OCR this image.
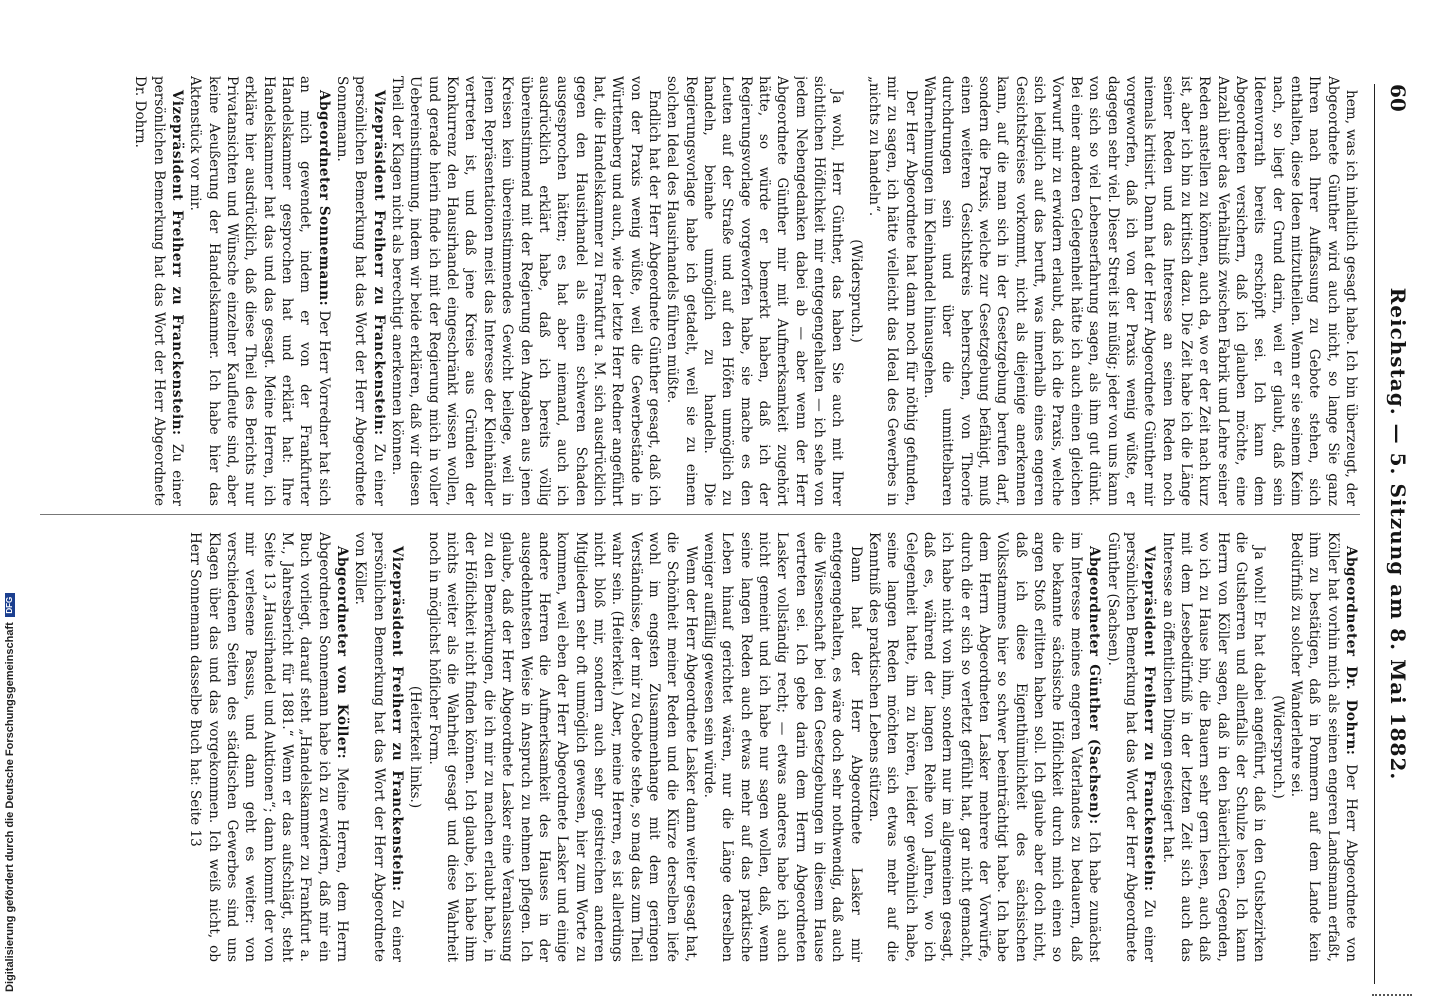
Digitalisierung gefördert durch die Deutsche ForschungsgemeinschaftDFG
60
Reichstag. — 5. Sitzung am 8. Mai 1882.

hem, was ich inhaltlich gesagt habe. Ich bin überzeugt, der Abgeordnete Günther wird auch nicht, so lange Sie ganz Ihren nach Ihrer Auffassung zu Gebote stehen, sich enthalten, diese Ideen mitzutheilen. Wenn er sie seinem Keim nach, so liegt der Grund darin, weil er glaubt, daß sein Ideenvorrath bereits erschöpft sei. Ich kann dem Abgeordneten versichern, daß ich glauben möchte, eine Anzahl über das Verhältniß zwischen Fabrik und Lehre seiner Reden anstellen zu können, auch da, wo er der Zeit nach kurz ist, aber ich bin zu kritisch dazu. Die Zeit habe ich die Länge seiner Reden und das Interesse an seinen Reden noch niemals kritisirt. Dann hat der Herr Abgeordnete Günther mir vorgeworfen, daß ich von der Praxis wenig wüßte, er dagegen sehr viel. Dieser Streit ist müßig; jeder von uns kann von sich so viel Lebenserfahrung sagen, als ihm gut dünkt. Bei einer anderen Gelegenheit hätte ich auch einen gleichen Vorwurf mir zu erwidern erlaubt, daß ich die Praxis, welche sich lediglich auf das beruft, was innerhalb eines engeren Gesichtskreises vorkommt, nicht als diejenige anerkennen kann, auf die man sich in der Gesetzgebung berufen darf, sondern die Praxis, welche zur Gesetzgebung befähigt, muß einen weiteren Gesichtskreis beherrschen, von Theorie durchdrungen sein und über die unmittelbaren Wahrnehmungen im Kleinhandel hinausgehen.

Der Herr Abgeordnete hat dann noch für nöthig gefunden, mir zu sagen, ich hätte vielleicht das Ideal des Gewerbes in „nichts zu handeln“.

(Widerspruch.)

Ja wohl, Herr Günther, das haben Sie auch mit Ihrer sichtlichen Höflichkeit mir entgegengehalten — ich sehe von jedem Nebengedanken dabei ab — aber wenn der Herr Abgeordnete Günther mir mit Aufmerksamkeit zugehört hätte, so würde er bemerkt haben, daß ich der Regierungsvorlage vorgeworfen habe, sie mache es den Leuten auf der Straße und auf den Höfen unmöglich zu handeln, beinahe unmöglich zu handeln. Die Regierungsvorlage habe ich getadelt, weil sie zu einem solchen Ideal des Hausirhandels führen müßte.

Endlich hat der Herr Abgeordnete Günther gesagt, daß ich von der Praxis wenig wüßte, weil die Gewerbestände in Württemberg und auch, wie der letzte Herr Redner angeführt hat, die Handelskammer zu Frankfurt a. M. sich ausdrücklich gegen den Hausirhandel als einen schweren Schaden ausgesprochen hätten; es hat aber niemand, auch ich ausdrücklich erklärt habe, daß ich bereits völlig übereinstimmend mit der Regierung den Angaben aus jenen Kreisen kein übereinstimmendes Gewicht beilege, weil in jenen Repräsentationen meist das Interesse der Kleinhändler vertreten ist, und daß jene Kreise aus Gründen der Konkurrenz den Hausirhandel eingeschränkt wissen wollen, und gerade hierin finde ich mit der Regierung mich in voller Uebereinstimmung, indem wir beide erklären, daß wir diesen Theil der Klagen nicht als berechtigt anerkennen können.

Vizepräsident Freiherr zu Franckenstein: Zu einer persönlichen Bemerkung hat das Wort der Herr Abgeordnete Sonnemann.

Abgeordneter Sonnemann: Der Herr Vorredner hat sich an mich gewendet, indem er von der Frankfurter Handelskammer gesprochen hat und erklärt hat: Ihre Handelskammer hat das und das gesagt. Meine Herren, ich erkläre hier ausdrücklich, daß diese Theil des Berichts nur Privatansichten und Wünsche einzelner Kaufleute sind, aber keine Aeußerung der Handelskammer. Ich habe hier das Aktenstück vor mir.

Vizepräsident Freiherr zu Franckenstein: Zu einer persönlichen Bemerkung hat das Wort der Herr Abgeordnete Dr. Dohrn.

Abgeordneter Dr. Dohrn: Der Herr Abgeordnete von Köller hat vorhin mich als seinen engeren Landsmann erfaßt, ihm zu bestätigen, daß in Pommern auf dem Lande kein Bedürfniß zu solcher Wanderlehre sei.

(Widerspruch.)

Ja wohl! Er hat dabei angeführt, daß in den Gutsbezirken die Gutsherren und allenfalls der Schulze lesen. Ich kann Herrn von Köller sagen, daß in den bäuerlichen Gegenden, wo ich zu Hause bin, die Bauern sehr gern lesen, auch daß mit dem Lesebedürfniß in der letzten Zeit sich auch das Interesse an öffentlichen Dingen gesteigert hat.

Vizepräsident Freiherr zu Franckenstein: Zu einer persönlichen Bemerkung hat das Wort der Herr Abgeordnete Günther (Sachsen).

Abgeordneter Günther (Sachsen): Ich habe zunächst im Interesse meines engeren Vaterlandes zu bedauern, daß die bekannte sächsische Höflichkeit durch mich einen so argen Stoß erlitten haben soll. Ich glaube aber doch nicht, daß ich diese Eigenthümlichkeit des sächsischen Volksstammes hier so schwer beeinträchtigt habe. Ich habe dem Herrn Abgeordneten Lasker mehrere der Vorwürfe, durch die er sich so verletzt gefühlt hat, gar nicht gemacht, ich habe nicht von ihm, sondern nur im allgemeinen gesagt, daß es, während der langen Reihe von Jahren, wo ich Gelegenheit hatte, ihn zu hören, leider gewöhnlich habe, seine langen Reden möchten sich etwas mehr auf die Kenntniß des praktischen Lebens stützen.

Dann hat der Herr Abgeordnete Lasker mir entgegengehalten, es wäre doch sehr nothwendig, daß auch die Wissenschaft bei den Gesetzgebungen in diesem Hause vertreten sei. Ich gebe darin dem Herrn Abgeordneten Lasker vollständig recht; — etwas anderes habe ich auch nicht gemeint und ich habe nur sagen wollen, daß, wenn seine langen Reden auch etwas mehr auf das praktische Leben hinauf gerichtet wären, nur die Länge derselben weniger auffällig gewesen sein würde.

Wenn der Herr Abgeordnete Lasker dann weiter gesagt hat, die Schönheit meiner Reden und die Kürze derselben liefe wohl im engsten Zusammenhange mit dem geringen Verständnisse, der mir zu Gebote stehe, so mag das zum Theil wahr sein. (Heiterkeit.) Aber, meine Herren, es ist allerdings nicht bloß mir, sondern auch sehr geistreichen anderen Mitgliedern sehr oft unmöglich gewesen, hier zum Worte zu kommen, weil eben der Herr Abgeordnete Lasker und einige andere Herren die Aufmerksamkeit des Hauses in der ausgedehntesten Weise in Anspruch zu nehmen pflegen. Ich glaube, daß der Herr Abgeordnete Lasker eine Veranlassung zu den Bemerkungen, die ich mir zu machen erlaubt habe, in der Höflichkeit nicht finden können. Ich glaube, ich habe ihm nichts weiter als die Wahrheit gesagt und diese Wahrheit noch in möglichst höflicher Form.

(Heiterkeit links.)

Vizepräsident Freiherr zu Franckenstein: Zu einer persönlichen Bemerkung hat das Wort der Herr Abgeordnete von Köller.

Abgeordneter von Köller: Meine Herren, dem Herrn Abgeordneten Sonnemann habe ich zu erwidern, daß mir ein Buch vorliegt, darauf steht „Handelskammer zu Frankfurt a. M., Jahresbericht für 1881.“ Wenn er das aufschlägt, steht Seite 13 „Hausirhandel und Auktionen“; dann kommt der von mir verlesene Passus, und dann geht es weiter: von verschiedenen Seiten des städtischen Gewerbes sind uns Klagen über das und das vorgekommen. Ich weiß nicht, ob Herr Sonnemann dasselbe Buch hat: Seite 13
